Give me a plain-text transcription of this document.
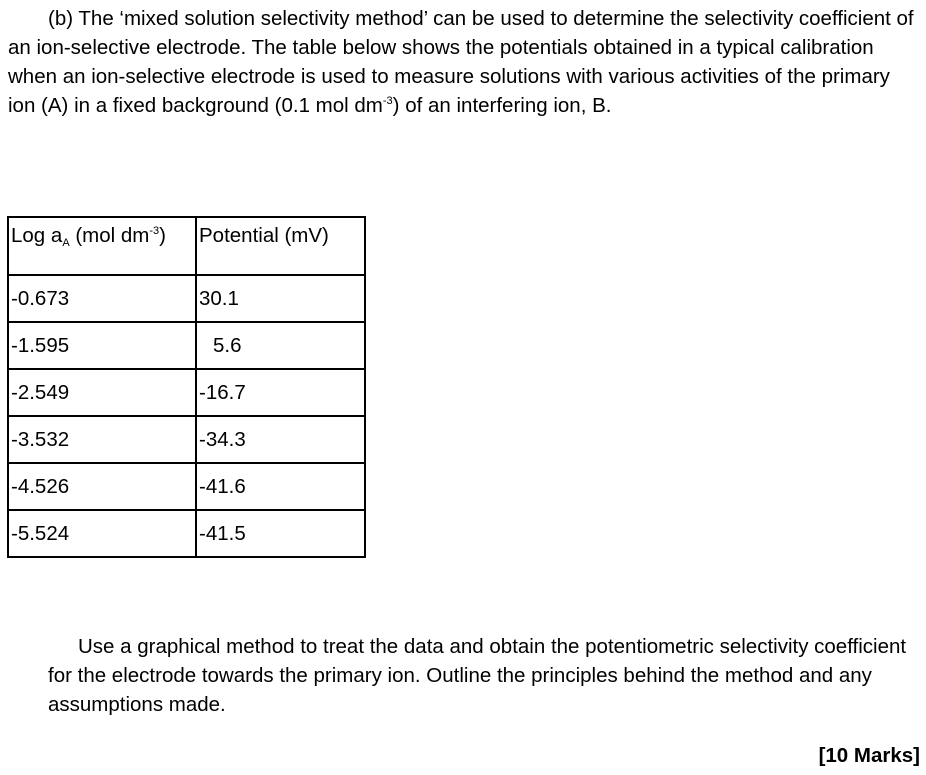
(b) The ‘mixed solution selectivity method’ can be used to determine the selectivity coefficient of an ion-selective electrode. The table below shows the potentials obtained in a typical calibration when an ion-selective electrode is used to measure solutions with various activities of the primary ion (A) in a fixed background (0.1 mol $dm^{-3}$) of an interfering ion, B.

Log $a_A$ (mol $dm^{-3}$)	Potential (mV)
-0.673	30.1
-1.595	5.6
-2.549	-16.7
-3.532	-34.3
-4.526	-41.6
-5.524	-41.5

Use a graphical method to treat the data and obtain the potentiometric selectivity coefficient for the electrode towards the primary ion. Outline the principles behind the method and any assumptions made.

[10 Marks]
